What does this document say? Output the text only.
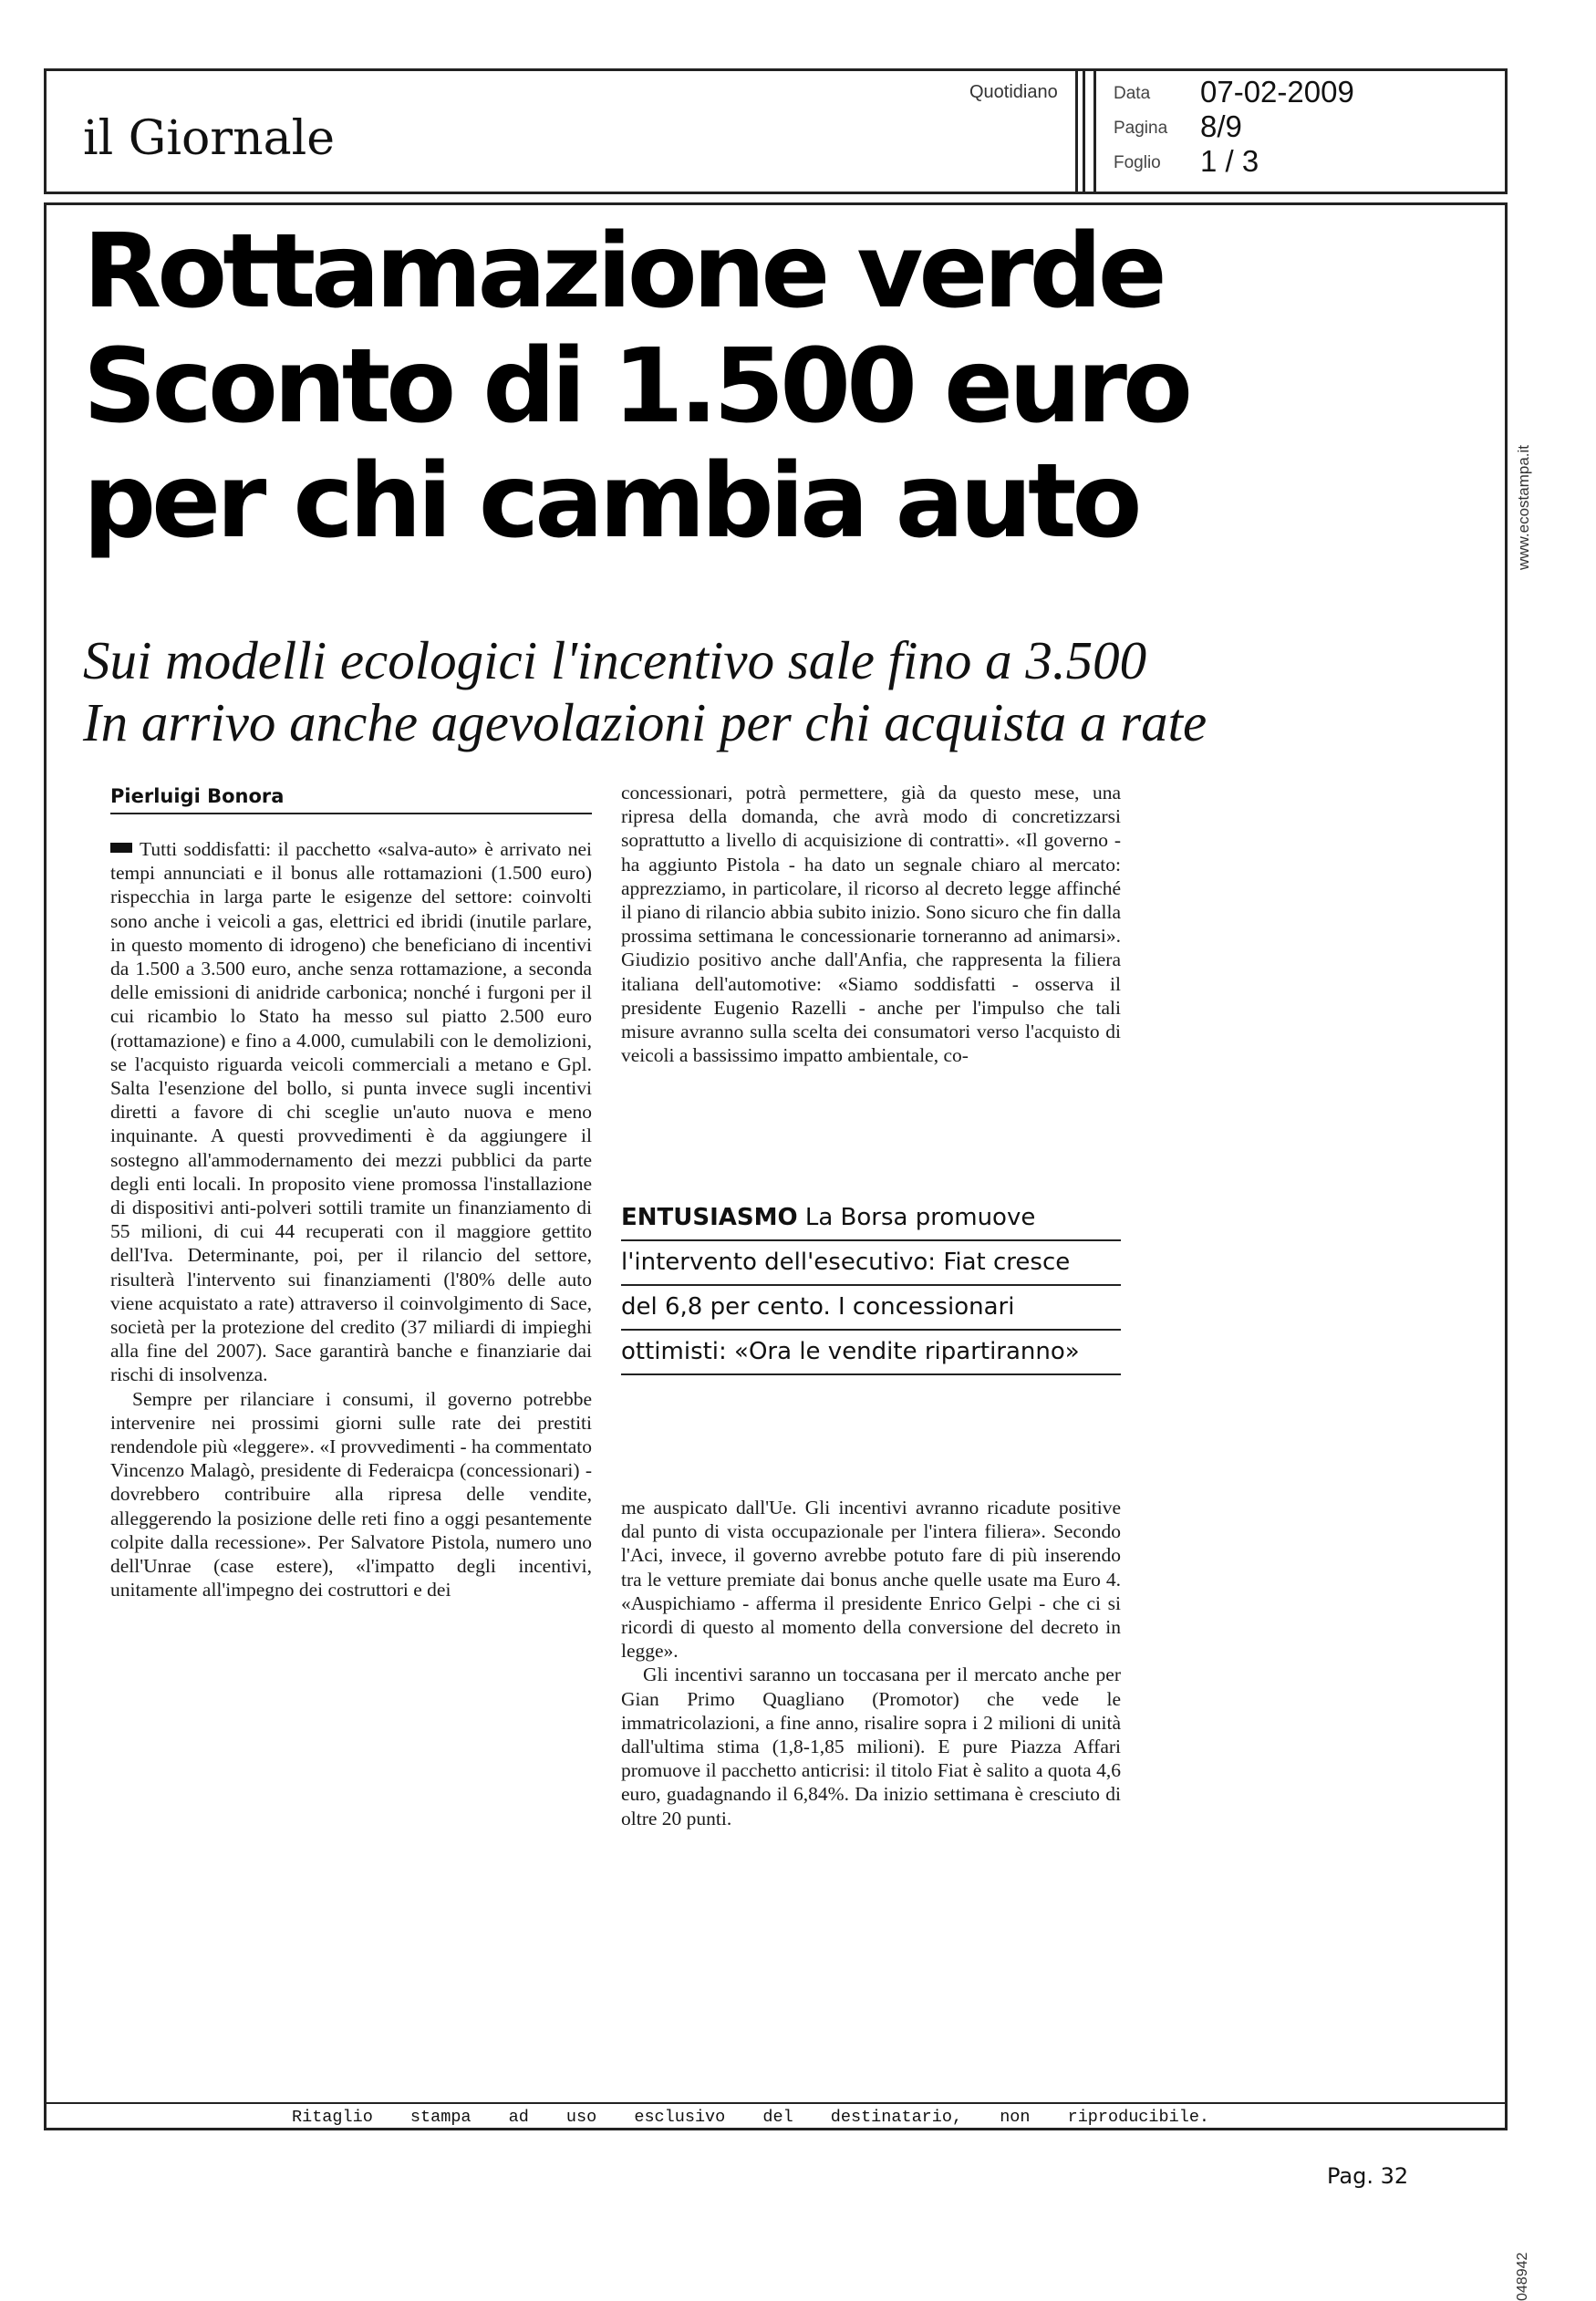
il Giornale
Quotidiano	Data 07-02-2009
Pagina 8/9
Foglio 1 / 3
Rottamazione verde
Sconto di 1.500 euro
per chi cambia auto
Sui modelli ecologici l'incentivo sale fino a 3.500
In arrivo anche agevolazioni per chi acquista a rate
Pierluigi Bonora

Tutti soddisfatti: il pacchetto «salva-auto» è arrivato nei tempi annunciati e il bonus alle rottamazioni (1.500 euro) rispecchia in larga parte le esigenze del settore: coinvolti sono anche i veicoli a gas, elettrici ed ibridi (inutile parlare, in questo momento di idrogeno) che beneficiano di incentivi da 1.500 a 3.500 euro, anche senza rottamazione, a seconda delle emissioni di anidride carbonica; nonché i furgoni per il cui ricambio lo Stato ha messo sul piatto 2.500 euro (rottamazione) e fino a 4.000, cumulabili con le demolizioni, se l'acquisto riguarda veicoli commerciali a metano e Gpl. Salta l'esenzione del bollo, si punta invece sugli incentivi diretti a favore di chi sceglie un'auto nuova e meno inquinante. A questi provvedimenti è da aggiungere il sostegno all'ammodernamento dei mezzi pubblici da parte degli enti locali. In proposito viene promossa l'installazione di dispositivi anti-polveri sottili tramite un finanziamento di 55 milioni, di cui 44 recuperati con il maggiore gettito dell'Iva. Determinante, poi, per il rilancio del settore, risulterà l'intervento sui finanziamenti (l'80% delle auto viene acquistato a rate) attraverso il coinvolgimento di Sace, società per la protezione del credito (37 miliardi di impieghi alla fine del 2007). Sace garantirà banche e finanziarie dai rischi di insolvenza.

Sempre per rilanciare i consumi, il governo potrebbe intervenire nei prossimi giorni sulle rate dei prestiti rendendole più «leggere». «I provvedimenti - ha commentato Vincenzo Malagò, presidente di Federaicpa (concessionari) - dovrebbero contribuire alla ripresa delle vendite, alleggerendo la posizione delle reti fino a oggi pesantemente colpite dalla recessione». Per Salvatore Pistola, numero uno dell'Unrae (case estere), «l'impatto degli incentivi, unitamente all'impegno dei costruttori e dei

concessionari, potrà permettere, già da questo mese, una ripresa della domanda, che avrà modo di concretizzarsi soprattutto a livello di acquisizione di contratti». «Il governo - ha aggiunto Pistola - ha dato un segnale chiaro al mercato: apprezziamo, in particolare, il ricorso al decreto legge affinché il piano di rilancio abbia subito inizio. Sono sicuro che fin dalla prossima settimana le concessionarie torneranno ad animarsi». Giudizio positivo anche dall'Anfia, che rappresenta la filiera italiana dell'automotive: «Siamo soddisfatti - osserva il presidente Eugenio Razelli - anche per l'impulso che tali misure avranno sulla scelta dei consumatori verso l'acquisto di veicoli a bassissimo impatto ambientale, co-

ENTUSIASMO La Borsa promuove
l'intervento dell'esecutivo: Fiat cresce
del 6,8 per cento. I concessionari
ottimisti: «Ora le vendite ripartiranno»

me auspicato dall'Ue. Gli incentivi avranno ricadute positive dal punto di vista occupazionale per l'intera filiera». Secondo l'Aci, invece, il governo avrebbe potuto fare di più inserendo tra le vetture premiate dai bonus anche quelle usate ma Euro 4. «Auspichiamo - afferma il presidente Enrico Gelpi - che ci si ricordi di questo al momento della conversione del decreto in legge».

Gli incentivi saranno un toccasana per il mercato anche per Gian Primo Quagliano (Promotor) che vede le immatricolazioni, a fine anno, risalire sopra i 2 milioni di unità dall'ultima stima (1,8-1,85 milioni). E pure Piazza Affari promuove il pacchetto anticrisi: il titolo Fiat è salito a quota 4,6 euro, guadagnando il 6,84%. Da inizio settimana è cresciuto di oltre 20 punti.

www.ecostampa.it
048942
Ritaglio stampa ad uso esclusivo del destinatario, non riproducibile.
Pag. 32
